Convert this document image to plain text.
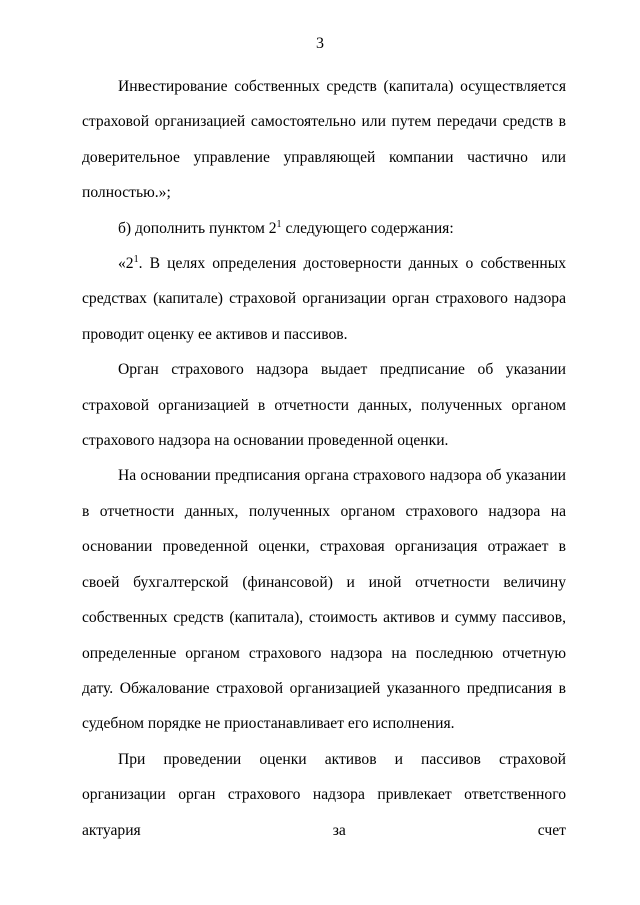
3

Инвестирование собственных средств (капитала) осуществляется страховой организацией самостоятельно или путем передачи средств в доверительное управление управляющей компании частично или полностью.»;

б) дополнить пунктом $2^1$ следующего содержания:

«$2^1$. В целях определения достоверности данных о собственных средствах (капитале) страховой организации орган страхового надзора проводит оценку ее активов и пассивов.

Орган страхового надзора выдает предписание об указании страховой организацией в отчетности данных, полученных органом страхового надзора на основании проведенной оценки.

На основании предписания органа страхового надзора об указании в отчетности данных, полученных органом страхового надзора на основании проведенной оценки, страховая организация отражает в своей бухгалтерской (финансовой) и иной отчетности величину собственных средств (капитала), стоимость активов и сумму пассивов, определенные органом страхового надзора на последнюю отчетную дату. Обжалование страховой организацией указанного предписания в судебном порядке не приостанавливает его исполнения.

При проведении оценки активов и пассивов страховой организации орган страхового надзора привлекает ответственного актуария за счет
